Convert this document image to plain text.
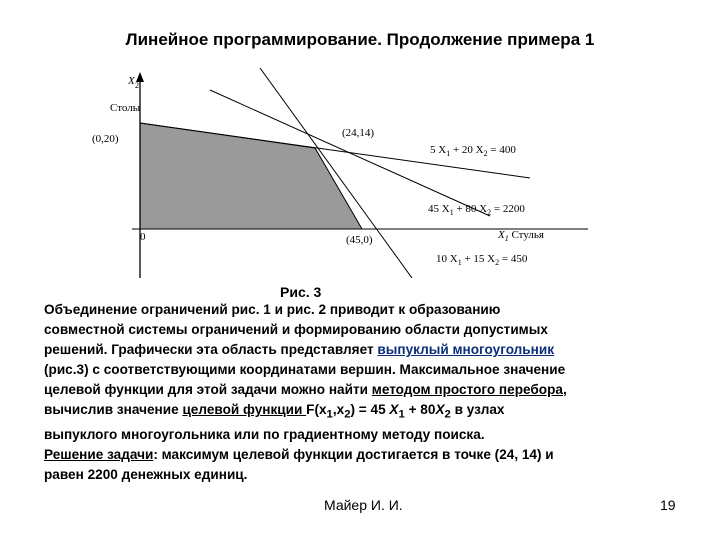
Линейное программирование. Продолжение примера 1
X 2
Столы
(0,20)	(24,14)
5 $X_1 + 20$ $X_2 = 400$
45 $X_1 + 80$ $X_2 = 2200$
0	(45,0)	$X_1$ Стулья
10 $X_1 + 15$ $X_2 = 450$
Рис. 3
Объединение ограничений рис. 1 и рис. 2 приводит к образованию
совместной системы ограничений и формированию области допустимых
решений. Графически эта область представляет выпуклый многоугольник
(рис.3) с соответствующими координатами вершин. Максимальное значение
целевой функции для этой задачи можно найти методом простого перебора,
вычислив значение целевой функции $F(x_1,x_2) = 45$ $X_1 + 80X_2$ в узлах
выпуклого многоугольника или по градиентному методу поиска.
Решение задачи: максимум целевой функции достигается в точке (24, 14) и
равен 2200 денежных единиц.
Майер И. И.	19
